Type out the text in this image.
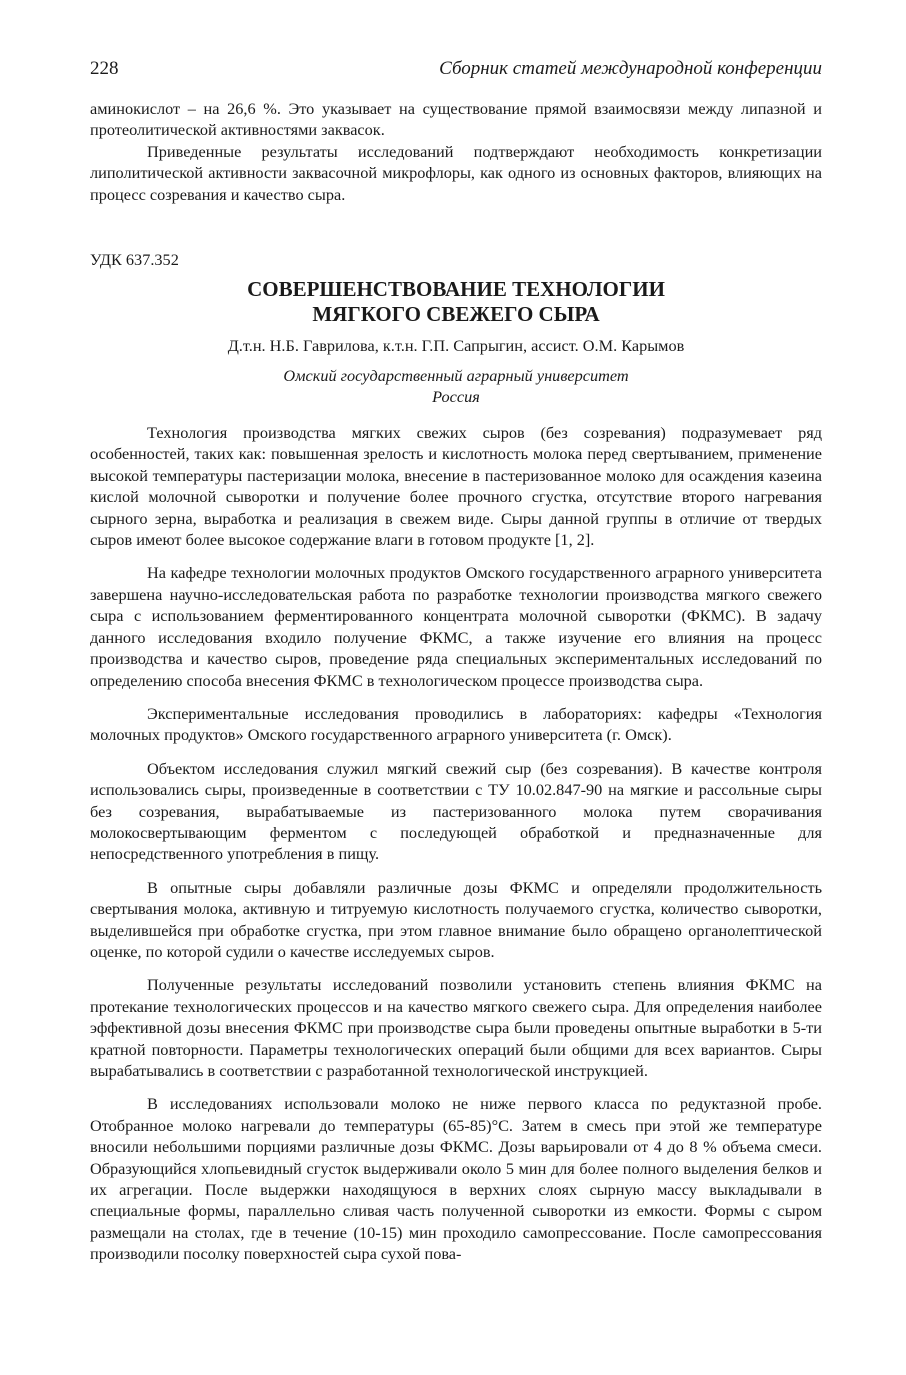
228	Сборник статей международной конференции

аминокислот – на 26,6 %. Это указывает на существование прямой взаимосвязи между липазной и протеолитической активностями заквасок.

Приведенные результаты исследований подтверждают необходимость конкретизации липолитической активности заквасочной микрофлоры, как одного из основных факторов, влияющих на процесс созревания и качество сыра.

УДК 637.352
СОВЕРШЕНСТВОВАНИЕ ТЕХНОЛОГИИ
МЯГКОГО СВЕЖЕГО СЫРА
Д.т.н. Н.Б. Гаврилова, к.т.н. Г.П. Сапрыгин, ассист. О.М. Карымов
Омский государственный аграрный университет
Россия

Технология производства мягких свежих сыров (без созревания) подразумевает ряд особенностей, таких как: повышенная зрелость и кислотность молока перед свертыванием, применение высокой температуры пастеризации молока, внесение в пастеризованное молоко для осаждения казеина кислой молочной сыворотки и получение более прочного сгустка, отсутствие второго нагревания сырного зерна, выработка и реализация в свежем виде. Сыры данной группы в отличие от твердых сыров имеют более высокое содержание влаги в готовом продукте [1, 2].

На кафедре технологии молочных продуктов Омского государственного аграрного университета завершена научно-исследовательская работа по разработке технологии производства мягкого свежего сыра с использованием ферментированного концентрата молочной сыворотки (ФКМС). В задачу данного исследования входило получение ФКМС, а также изучение его влияния на процесс производства и качество сыров, проведение ряда специальных экспериментальных исследований по определению способа внесения ФКМС в технологическом процессе производства сыра.

Экспериментальные исследования проводились в лабораториях: кафедры «Технология молочных продуктов» Омского государственного аграрного университета (г. Омск).

Объектом исследования служил мягкий свежий сыр (без созревания). В качестве контроля использовались сыры, произведенные в соответствии с ТУ 10.02.847-90 на мягкие и рассольные сыры без созревания, вырабатываемые из пастеризованного молока путем сворачивания молокосвертывающим ферментом с последующей обработкой и предназначенные для непосредственного употребления в пищу.

В опытные сыры добавляли различные дозы ФКМС и определяли продолжительность свертывания молока, активную и титруемую кислотность получаемого сгустка, количество сыворотки, выделившейся при обработке сгустка, при этом главное внимание было обращено органолептической оценке, по которой судили о качестве исследуемых сыров.

Полученные результаты исследований позволили установить степень влияния ФКМС на протекание технологических процессов и на качество мягкого свежего сыра. Для определения наиболее эффективной дозы внесения ФКМС при производстве сыра были проведены опытные выработки в 5-ти кратной повторности. Параметры технологических операций были общими для всех вариантов. Сыры вырабатывались в соответствии с разработанной технологической инструкцией.

В исследованиях использовали молоко не ниже первого класса по редуктазной пробе. Отобранное молоко нагревали до температуры (65-85)°С. Затем в смесь при этой же температуре вносили небольшими порциями различные дозы ФКМС. Дозы варьировали от 4 до 8 % объема смеси. Образующийся хлопьевидный сгусток выдерживали около 5 мин для более полного выделения белков и их агрегации. После выдержки находящуюся в верхних слоях сырную массу выкладывали в специальные формы, параллельно сливая часть полученной сыворотки из емкости. Формы с сыром размещали на столах, где в течение (10-15) мин проходило самопрессование. После самопрессования производили посолку поверхностей сыра сухой пова-
